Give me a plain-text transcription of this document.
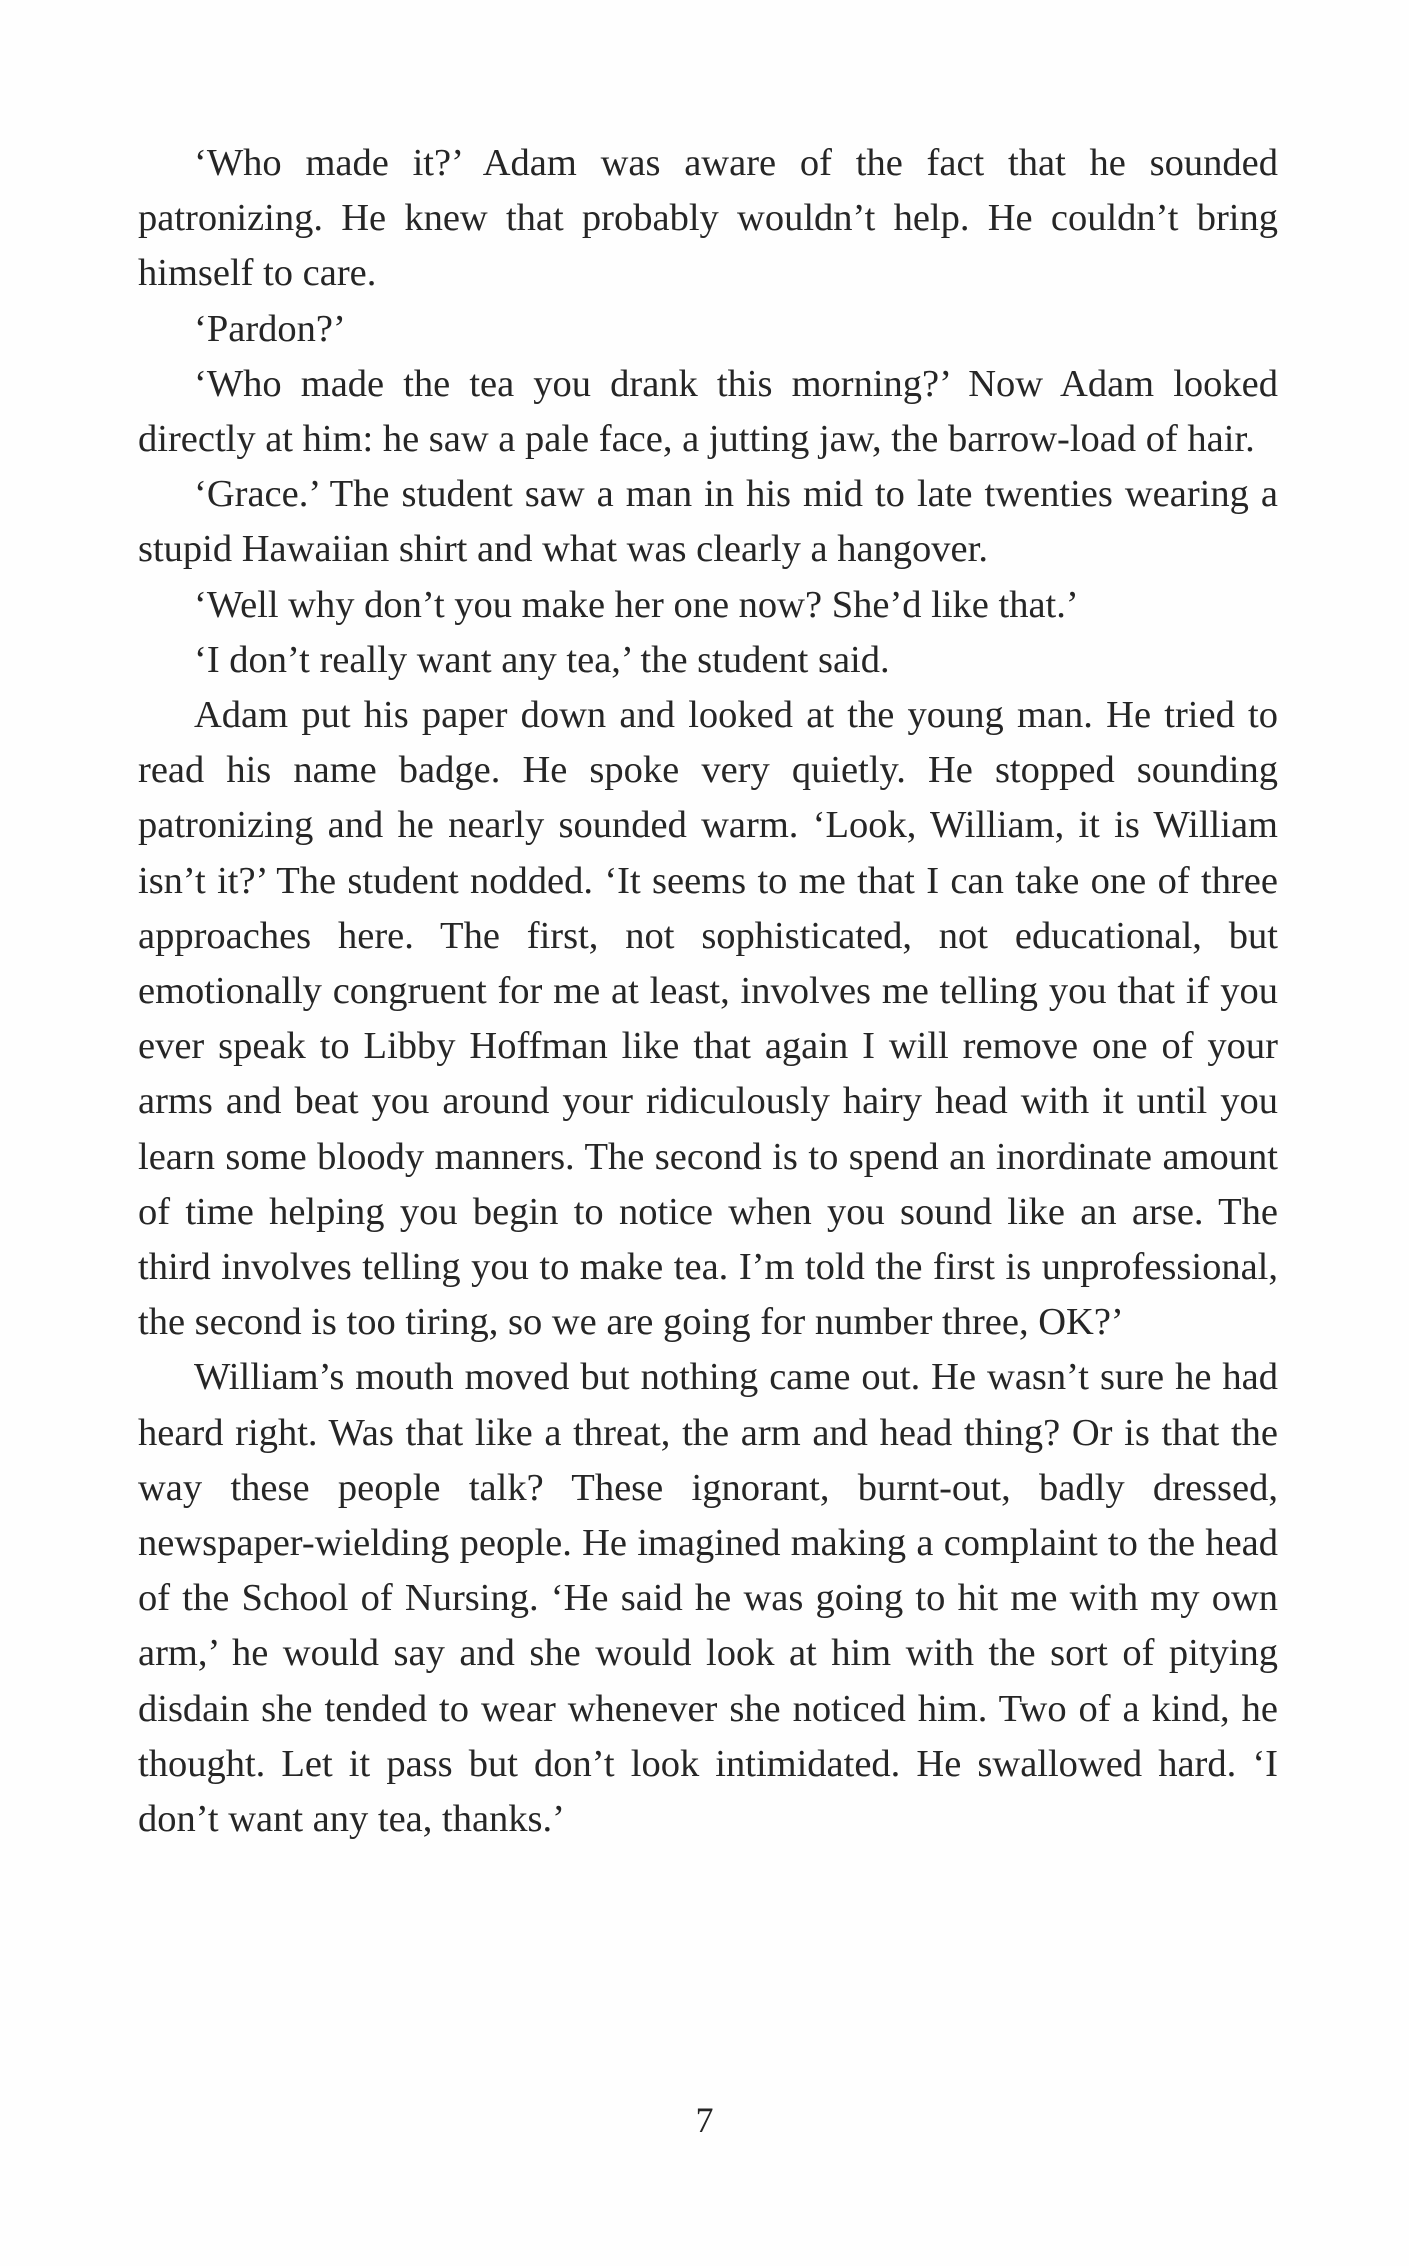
‘Who made it?’ Adam was aware of the fact that he sounded patronizing. He knew that probably wouldn’t help. He couldn’t bring himself to care.

‘Pardon?’

‘Who made the tea you drank this morning?’ Now Adam looked directly at him: he saw a pale face, a jutting jaw, the barrow-load of hair.

‘Grace.’ The student saw a man in his mid to late twenties wearing a stupid Hawaiian shirt and what was clearly a hangover.

‘Well why don’t you make her one now? She’d like that.’

‘I don’t really want any tea,’ the student said.

Adam put his paper down and looked at the young man. He tried to read his name badge. He spoke very quietly. He stopped sounding patronizing and he nearly sounded warm. ‘Look, William, it is William isn’t it?’ The student nodded. ‘It seems to me that I can take one of three approaches here. The first, not sophisticated, not educational, but emotionally congruent for me at least, involves me telling you that if you ever speak to Libby Hoffman like that again I will remove one of your arms and beat you around your ridiculously hairy head with it until you learn some bloody manners. The second is to spend an inordinate amount of time helping you begin to notice when you sound like an arse. The third involves telling you to make tea. I’m told the first is unprofessional, the second is too tiring, so we are going for number three, OK?’

William’s mouth moved but nothing came out. He wasn’t sure he had heard right. Was that like a threat, the arm and head thing? Or is that the way these people talk? These ignorant, burnt-out, badly dressed, newspaper-wielding people. He imagined making a complaint to the head of the School of Nursing. ‘He said he was going to hit me with my own arm,’ he would say and she would look at him with the sort of pitying disdain she tended to wear whenever she noticed him. Two of a kind, he thought. Let it pass but don’t look intimidated. He swallowed hard. ‘I don’t want any tea, thanks.’

7
